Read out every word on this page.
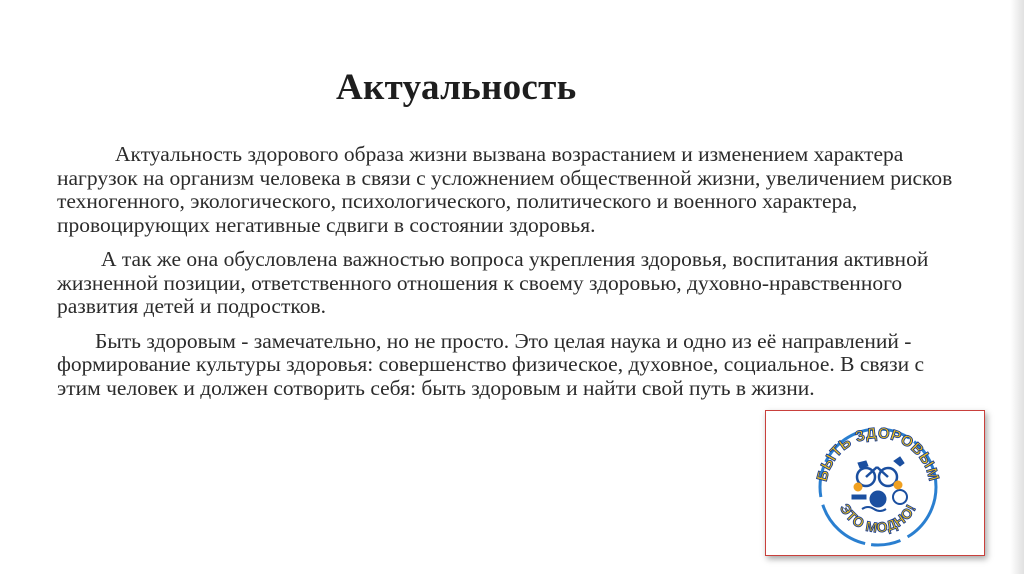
Актуальность

Актуальность здорового образа жизни вызвана возрастанием и изменением характера нагрузок на организм человека в связи с усложнением общественной жизни, увеличением рисков техногенного, экологического, психологического, политического и военного характера, провоцирующих негативные сдвиги в состоянии здоровья.

А так же она обусловлена важностью вопроса укрепления здоровья, воспитания активной жизненной позиции, ответственного отношения к своему здоровью, духовно-нравственного развития детей и подростков.

Быть здоровым - замечательно, но не просто. Это целая наука и одно из её направлений - формирование культуры здоровья: совершенство физическое, духовное, социальное. В связи с этим человек и должен сотворить себя: быть здоровым и найти свой путь в жизни.

БЫТЬ ЗДОРОВЫМ
ЭТО МОДНО!
